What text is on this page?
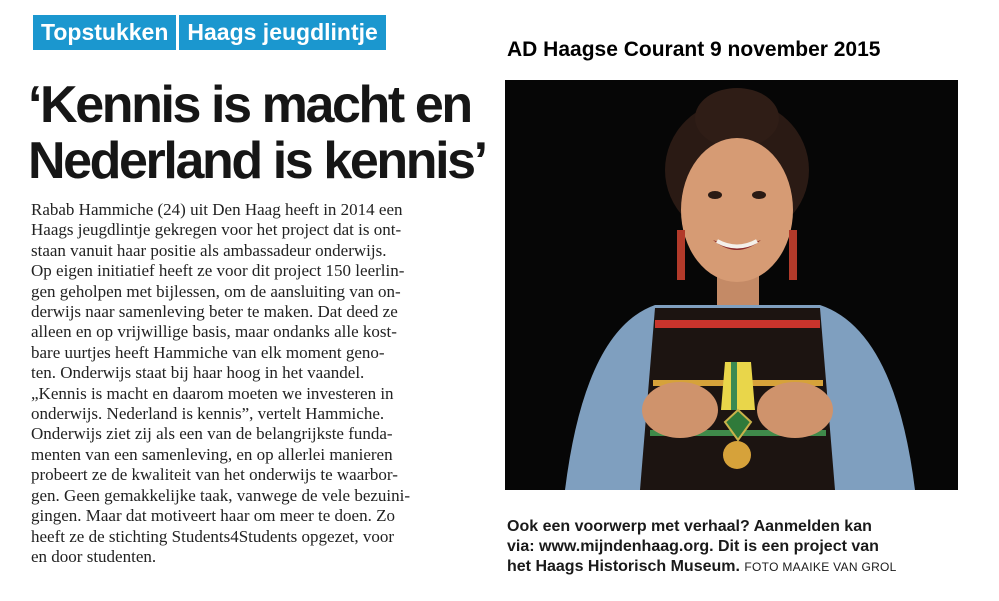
Topstukken Haags jeugdlintje
AD Haagse Courant 9 november 2015
‘Kennis is macht en
Nederland is kennis’
Rabab Hammiche (24) uit Den Haag heeft in 2014 een
Haags jeugdlintje gekregen voor het project dat is ont-
staan vanuit haar positie als ambassadeur onderwijs.
Op eigen initiatief heeft ze voor dit project 150 leerlin-
gen geholpen met bijlessen, om de aansluiting van on-
derwijs naar samenleving beter te maken. Dat deed ze
alleen en op vrijwillige basis, maar ondanks alle kost-
bare uurtjes heeft Hammiche van elk moment geno-
ten. Onderwijs staat bij haar hoog in het vaandel.
„Kennis is macht en daarom moeten we investeren in
onderwijs. Nederland is kennis”, vertelt Hammiche.
Onderwijs ziet zij als een van de belangrijkste funda-
menten van een samenleving, en op allerlei manieren
probeert ze de kwaliteit van het onderwijs te waarbor-
gen. Geen gemakkelijke taak, vanwege de vele bezuini-
gingen. Maar dat motiveert haar om meer te doen. Zo
heeft ze de stichting Students4Students opgezet, voor
en door studenten.

Ook een voorwerp met verhaal? Aanmelden kan
via: www.mijndenhaag.org. Dit is een project van
het Haags Historisch Museum. FOTO MAAIKE VAN GROL
